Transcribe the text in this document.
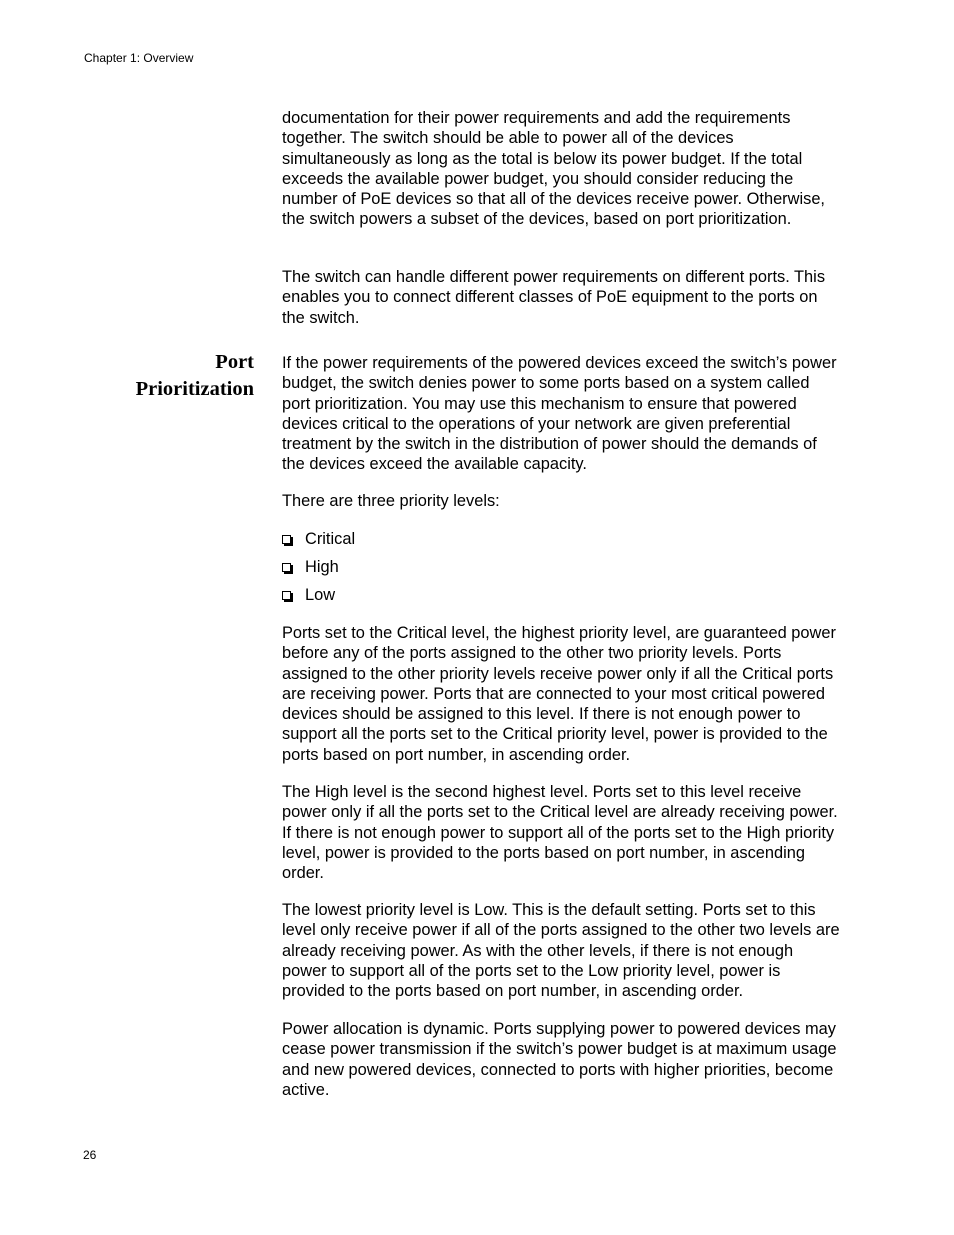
Chapter 1: Overview

documentation for their power requirements and add the requirements together. The switch should be able to power all of the devices simultaneously as long as the total is below its power budget. If the total exceeds the available power budget, you should consider reducing the number of PoE devices so that all of the devices receive power. Otherwise, the switch powers a subset of the devices, based on port prioritization.

The switch can handle different power requirements on different ports. This enables you to connect different classes of PoE equipment to the ports on the switch.

Port
Prioritization

If the power requirements of the powered devices exceed the switch’s power budget, the switch denies power to some ports based on a system called port prioritization. You may use this mechanism to ensure that powered devices critical to the operations of your network are given preferential treatment by the switch in the distribution of power should the demands of the devices exceed the available capacity.

There are three priority levels:

Critical
High
Low

Ports set to the Critical level, the highest priority level, are guaranteed power before any of the ports assigned to the other two priority levels. Ports assigned to the other priority levels receive power only if all the Critical ports are receiving power. Ports that are connected to your most critical powered devices should be assigned to this level. If there is not enough power to support all the ports set to the Critical priority level, power is provided to the ports based on port number, in ascending order.

The High level is the second highest level. Ports set to this level receive power only if all the ports set to the Critical level are already receiving power. If there is not enough power to support all of the ports set to the High priority level, power is provided to the ports based on port number, in ascending order.

The lowest priority level is Low. This is the default setting. Ports set to this level only receive power if all of the ports assigned to the other two levels are already receiving power. As with the other levels, if there is not enough power to support all of the ports set to the Low priority level, power is provided to the ports based on port number, in ascending order.

Power allocation is dynamic. Ports supplying power to powered devices may cease power transmission if the switch’s power budget is at maximum usage and new powered devices, connected to ports with higher priorities, become active.

26
